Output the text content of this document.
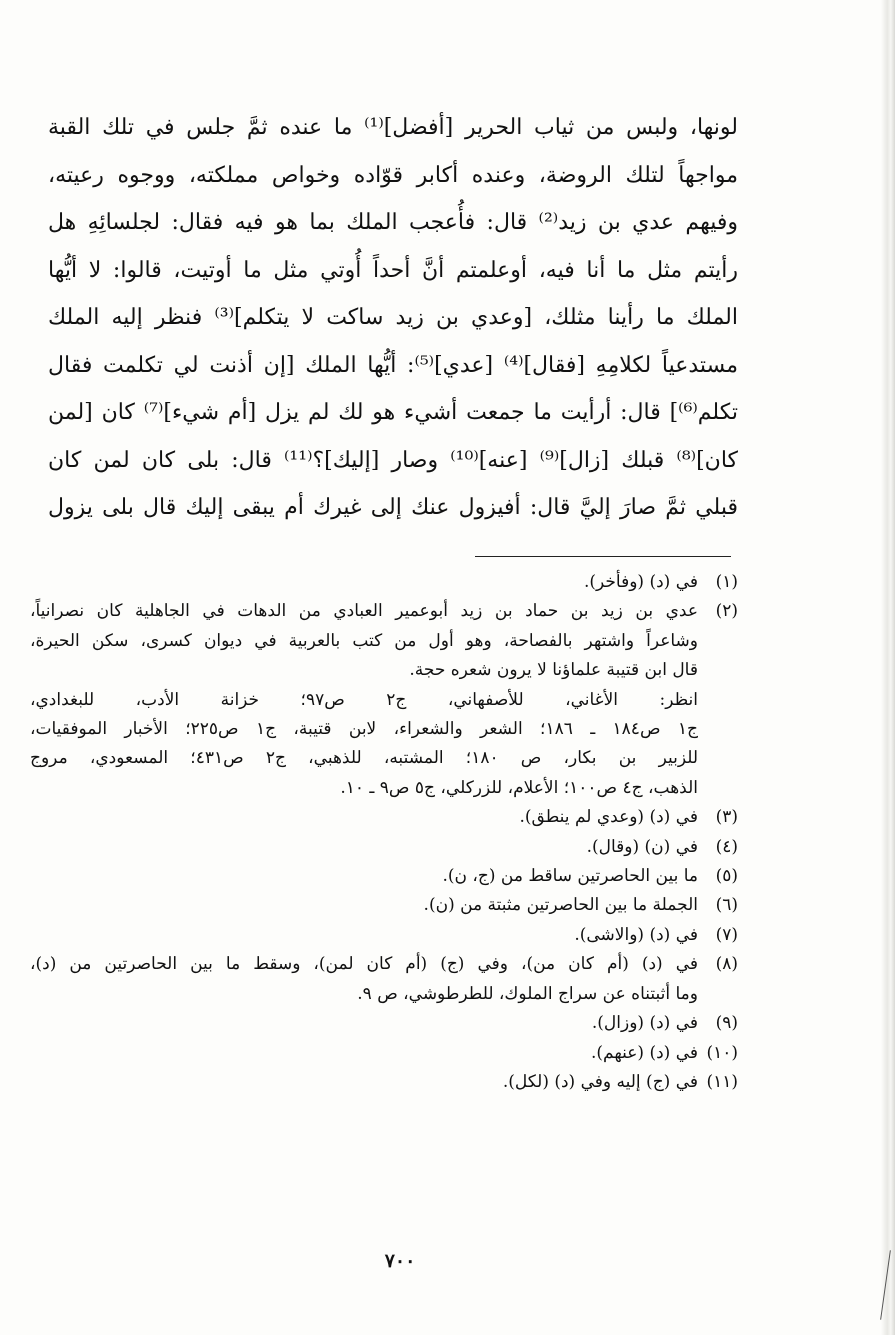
لونها، ولبس من ثياب الحرير [أفضل]⁽¹⁾ ما عنده ثمَّ جلس في تلك القبة
مواجهاً لتلك الروضة، وعنده أكابر قوّاده وخواص مملكته، ووجوه رعيته،
وفيهم عدي بن زيد⁽²⁾ قال: فأُعجب الملك بما هو فيه فقال: لجلسائِهِ هل
رأيتم مثل ما أنا فيه، أوعلمتم أنَّ أحداً أُوتي مثل ما أوتيت، قالوا: لا أيُّها
الملك ما رأينا مثلك، [وعدي بن زيد ساكت لا يتكلم]⁽³⁾ فنظر إليه الملك
مستدعياً لكلامِهِ [فقال]⁽⁴⁾ [عدي]⁽⁵⁾: أيُّها الملك [إن أذنت لي تكلمت فقال
تكلم⁽⁶⁾] قال: أرأيت ما جمعت أشيء هو لك لم يزل [أم شيء]⁽⁷⁾ كان [لمن
كان]⁽⁸⁾ قبلك [زال]⁽⁹⁾ [عنه]⁽¹⁰⁾ وصار [إليك]؟⁽¹¹⁾ قال: بلى كان لمن كان
قبلي ثمَّ صارَ إليَّ قال: أفيزول عنك إلى غيرك أم يبقى إليك قال بلى يزول
(١)
في (د) (وفأخر).
(٢)
عدي بن زيد بن حماد بن زيد أبوعمير العبادي من الدهات في الجاهلية كان نصرانياً،
وشاعراً واشتهر بالفصاحة، وهو أول من كتب بالعربية في ديوان كسرى، سكن الحيرة،
قال ابن قتيبة علماؤنا لا يرون شعره حجة.
انظر: الأغاني، للأصفهاني، ج٢ ص٩٧؛ خزانة الأدب، للبغدادي،
ج١ ص١٨٤ ـ ١٨٦؛ الشعر والشعراء، لابن قتيبة، ج١ ص٢٢٥؛ الأخبار الموفقيات،
للزبير بن بكار، ص ١٨٠؛ المشتبه، للذهبي، ج٢ ص٤٣١؛ المسعودي، مروج
الذهب، ج٤ ص١٠٠؛ الأعلام، للزركلي، ج٥ ص٩ ـ ١٠.
(٣)
في (د) (وعدي لم ينطق).
(٤)
في (ن) (وقال).
(٥)
ما بين الحاصرتين ساقط من (ج، ن).
(٦)
الجملة ما بين الحاصرتين مثبتة من (ن).
(٧)
في (د) (والاشى).
(٨)
في (د) (أم كان من)، وفي (ج) (أم كان لمن)، وسقط ما بين الحاصرتين من (د)،
وما أثبتناه عن سراج الملوك، للطرطوشي، ص ٩.
(٩)
في (د) (وزال).
(١٠)
في (د) (عنهم).
(١١)
في (ج) إليه وفي (د) (لكل).
٧٠٠
